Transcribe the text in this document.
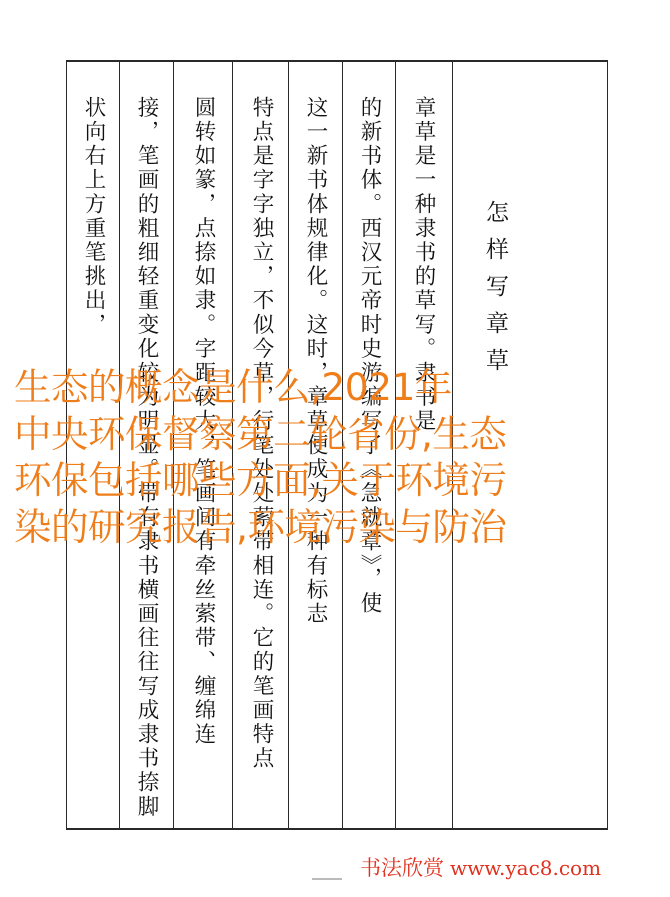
怎样写章草
章草是一种隶书的草写。隶书是
的新书体。西汉元帝时史游编写了《急就章》，使
这一新书体规律化。这时，章草便成为一种有标志
特点是字字独立，不似今草，行笔处处萦带相连。它的笔画特点
圆转如篆，点捺如隶。字距较大，笔画间有牵丝萦带、缠绵连
接，笔画的粗细轻重变化较为明显。带有隶书横画往往写成隶书捺脚
状向右上方重笔挑出，
生态的概念是什么,2021年
中央环保督察第二轮省份,生态
环保包括哪些方面,关于环境污
染的研究报告,环境污染与防治
书法欣赏 www.yac8.com
